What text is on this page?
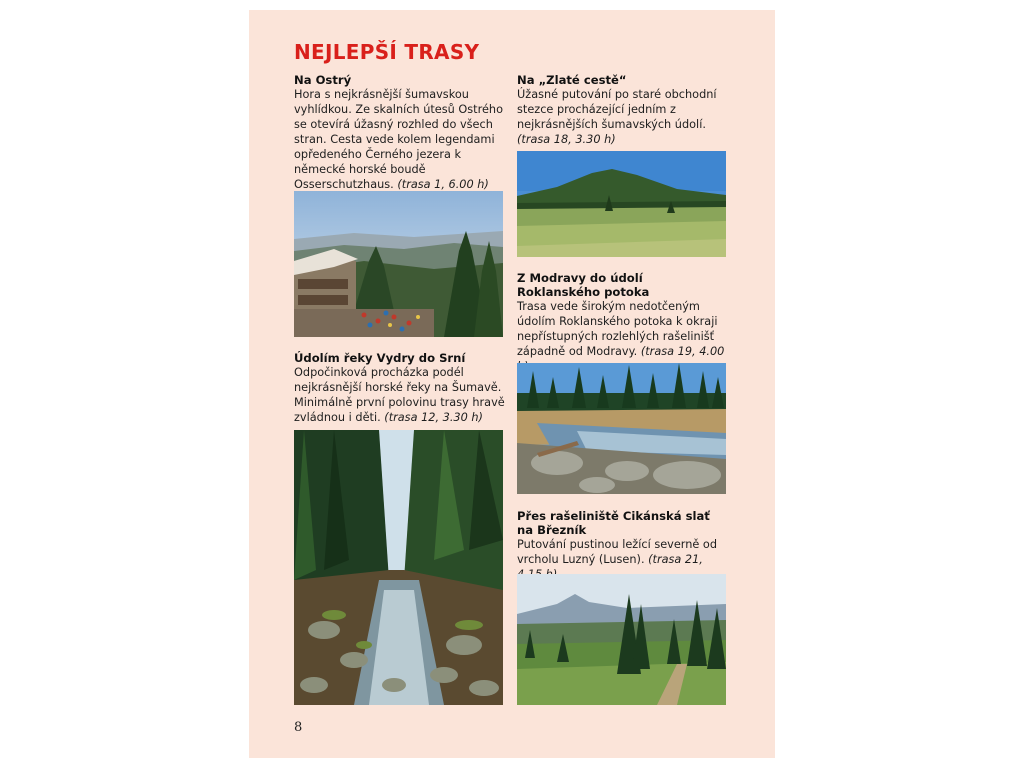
NEJLEPŠÍ TRASY
Na Ostrý

Hora s nejkrásnější šumavskou vyhlídkou. Ze skalních útesů Ostrého se otevírá úžasný rozhled do všech stran. Cesta vede kolem legendami opředeného Černého jezera k německé horské boudě Osserschutzhaus. (trasa 1, 6.00 h)

Údolím řeky Vydry do Srní

Odpočinková procházka podél nejkrásnější horské řeky na Šumavě. Minimálně první polovinu trasy hravě zvládnou i děti. (trasa 12, 3.30 h)

Na „Zlaté cestě“

Úžasné putování po staré obchodní stezce procházející jedním z nejkrásnějších šumavských údolí. (trasa 18, 3.30 h)

Z Modravy do údolí Roklanského potoka

Trasa vede širokým nedotčeným údolím Roklanského potoka k okraji nepřístupných rozlehlých rašelinišť západně od Modravy. (trasa 19, 4.00

Přes rašeliniště Cikánská slať na Březník

Putování pustinou ležící severně od vrcholu Luzný (Lusen). (trasa 21,

8
